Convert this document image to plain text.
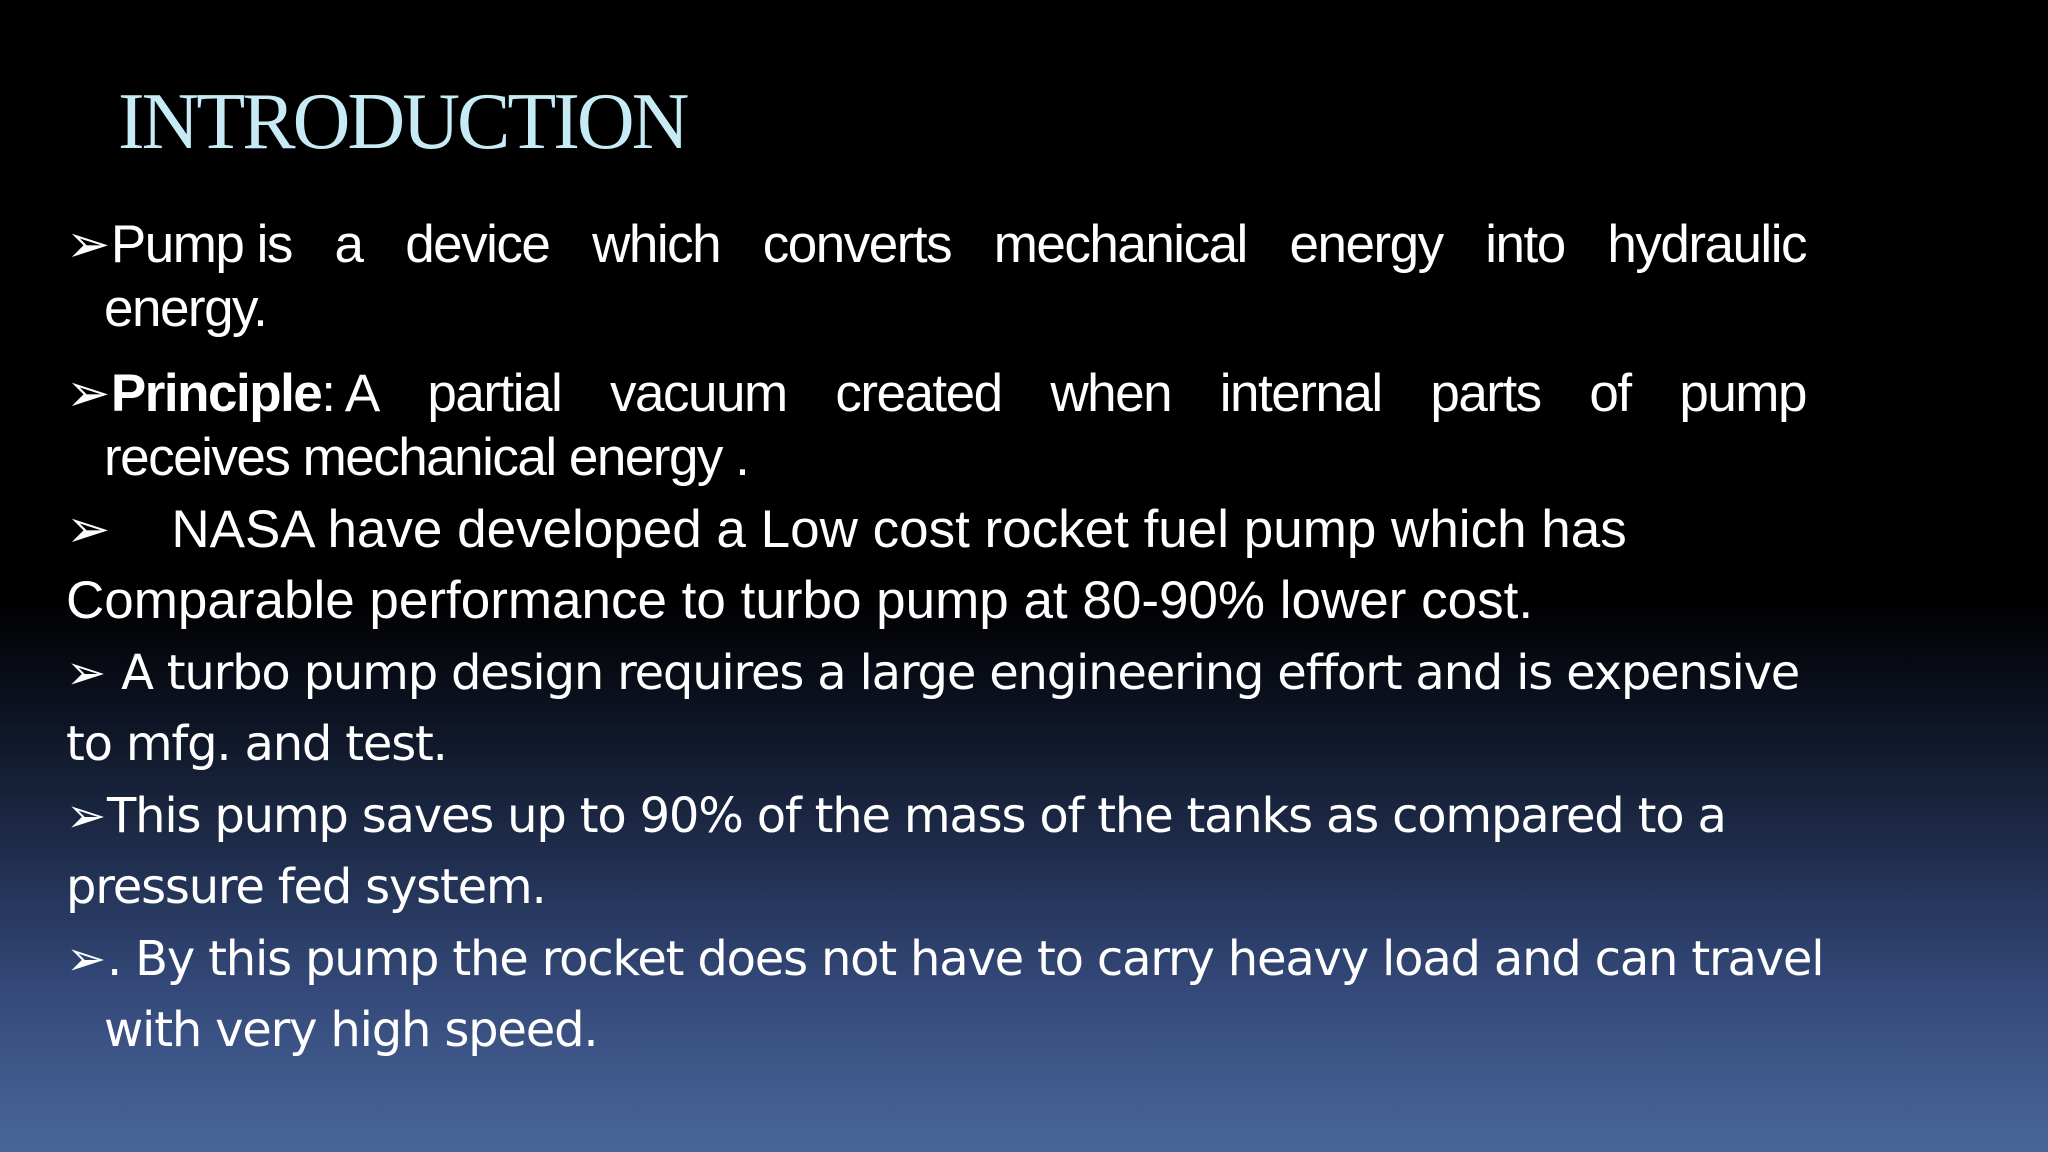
INTRODUCTION
➢Pump is a device which converts mechanical energy into hydraulic
energy.
➢Principle: A partial vacuum created when internal parts of pump
receives mechanical energy .
➢    NASA have developed a Low cost rocket fuel pump which has
Comparable performance to turbo pump at 80-90% lower cost.
➢ A turbo pump design requires a large engineering effort and is expensive
to mfg. and test.
➢This pump saves up to 90% of the mass of the tanks as compared to a
pressure fed system.
➢. By this pump the rocket does not have to carry heavy load and can travel
with very high speed.
